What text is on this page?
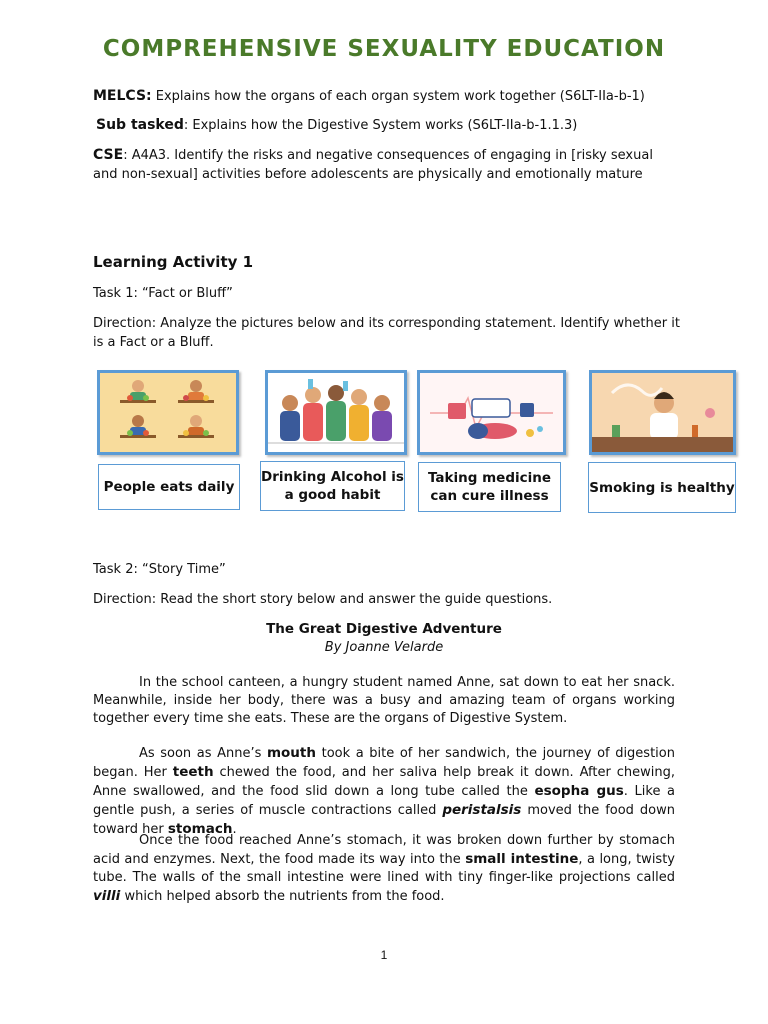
COMPREHENSIVE SEXUALITY EDUCATION
MELCS: Explains how the organs of each organ system work together (S6LT-IIa-b-1)
Sub tasked: Explains how the Digestive System works (S6LT-IIa-b-1.1.3)
CSE: A4A3. Identify the risks and negative consequences of engaging in [risky sexual and non-sexual] activities before adolescents are physically and emotionally mature
Learning Activity 1
Task 1: “Fact or Bluff”
Direction: Analyze the pictures below and its corresponding statement. Identify whether it is a Fact or a Bluff.
People eats daily
Drinking Alcohol is a good habit
Taking medicine can cure illness
Smoking is healthy
Task 2: “Story Time”
Direction: Read the short story below and answer the guide questions.
The Great Digestive Adventure
By Joanne Velarde
In the school canteen, a hungry student named Anne, sat down to eat her snack. Meanwhile, inside her body, there was a busy and amazing team of organs working together every time she eats. These are the organs of Digestive System.
As soon as Anne’s mouth took a bite of her sandwich, the journey of digestion began. Her teeth chewed the food, and her saliva help break it down. After chewing, Anne swallowed, and the food slid down a long tube called the esopha gus. Like a gentle push, a series of muscle contractions called peristalsis moved the food down toward her stomach.
Once the food reached Anne’s stomach, it was broken down further by stomach acid and enzymes. Next, the food made its way into the small intestine, a long, twisty tube. The walls of the small intestine were lined with tiny finger-like projections called villi which helped absorb the nutrients from the food.
1
